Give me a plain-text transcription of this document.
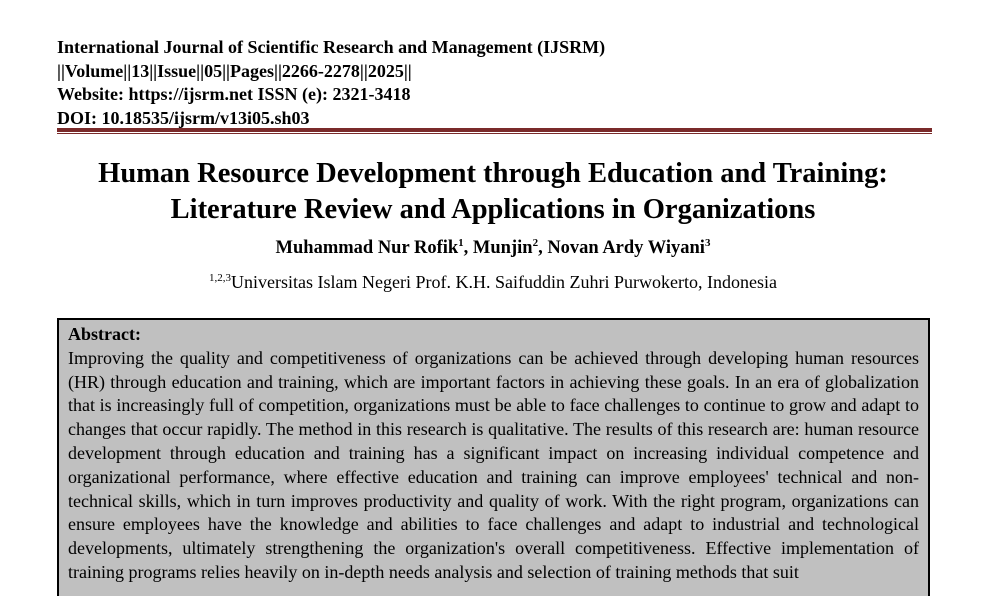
International Journal of Scientific Research and Management (IJSRM)
||Volume||13||Issue||05||Pages||2266-2278||2025||
Website: https://ijsrm.net ISSN (e): 2321-3418
DOI: 10.18535/ijsrm/v13i05.sh03
Human Resource Development through Education and Training:
Literature Review and Applications in Organizations
Muhammad Nur Rofik$^1$, Munjin$^2$, Novan Ardy Wiyani$^3$
$^{1,2,3}$Universitas Islam Negeri Prof. K.H. Saifuddin Zuhri Purwokerto, Indonesia
Abstract:
Improving the quality and competitiveness of organizations can be achieved through developing human resources (HR) through education and training, which are important factors in achieving these goals. In an era of globalization that is increasingly full of competition, organizations must be able to face challenges to continue to grow and adapt to changes that occur rapidly. The method in this research is qualitative. The results of this research are: human resource development through education and training has a significant impact on increasing individual competence and organizational performance, where effective education and training can improve employees' technical and non-technical skills, which in turn improves productivity and quality of work. With the right program, organizations can ensure employees have the knowledge and abilities to face challenges and adapt to industrial and technological developments, ultimately strengthening the organization's overall competitiveness. Effective implementation of training programs relies heavily on in-depth needs analysis and selection of training methods that suit
